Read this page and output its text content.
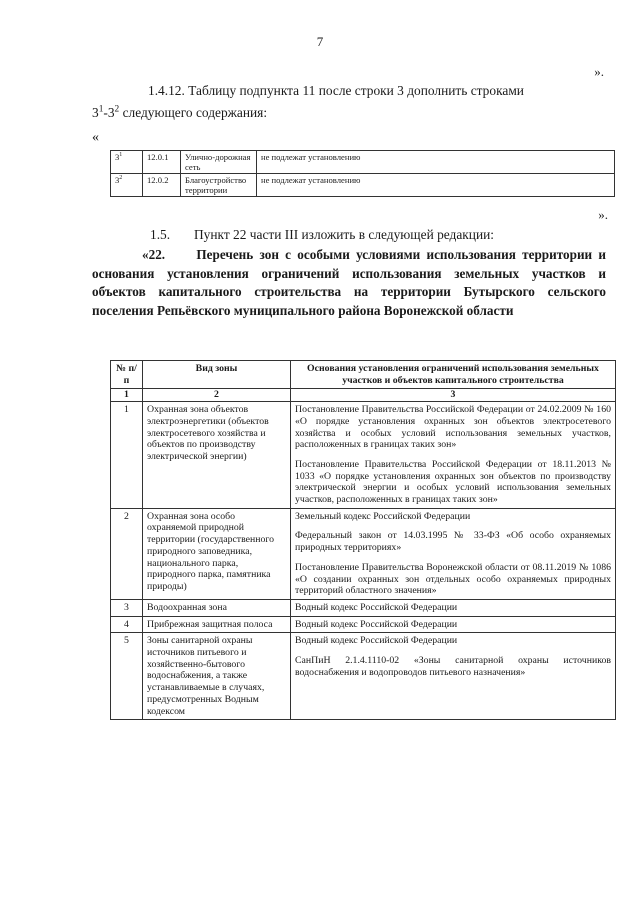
7
».
1.4.12. Таблицу подпункта 11 после строки 3 дополнить строками
$3^1-3^2$ следующего содержания:
«
$3^1$	12.0.1	Улично-дорожная сеть	не подлежат установлению
$3^2$	12.0.2	Благоустройство территории	не подлежат установлению
».
1.5. Пункт 22 части III изложить в следующей редакции:
«22. Перечень зон с особыми условиями использования территории и основания установления ограничений использования земельных участков и объектов капитального строительства на территории Бутырского сельского поселения Репьёвского муниципального района Воронежской области
№ п/п	Вид зоны	Основания установления ограничений использования земельных участков и объектов капитального строительства
1	2	3
1	Охранная зона объектов электроэнергетики (объектов электросетевого хозяйства и объектов по производству электрической энергии)	Постановление Правительства Российской Федерации от 24.02.2009 № 160 «О порядке установления охранных зон объектов электросетевого хозяйства и особых условий использования земельных участков, расположенных в границах таких зон»
Постановление Правительства Российской Федерации от 18.11.2013 № 1033 «О порядке установления охранных зон объектов по производству электрической энергии и особых условий использования земельных участков, расположенных в границах таких зон»

2	Охранная зона особо охраняемой природной территории (государственного природного заповедника, национального парка, природного парка, памятника природы)	Земельный кодекс Российской Федерации
Федеральный закон от 14.03.1995 № 33-ФЗ «Об особо охраняемых природных территориях»
Постановление Правительства Воронежской области от 08.11.2019 № 1086 «О создании охранных зон отдельных особо охраняемых природных территорий областного значения»

3	Водоохранная зона	Водный кодекс Российской Федерации

4	Прибрежная защитная полоса	Водный кодекс Российской Федерации

5	Зоны санитарной охраны источников питьевого и хозяйственно-бытового водоснабжения, а также устанавливаемые в случаях, предусмотренных Водным кодексом	Водный кодекс Российской Федерации
СанПиН 2.1.4.1110-02 «Зоны санитарной охраны источников водоснабжения и водопроводов питьевого назначения»
